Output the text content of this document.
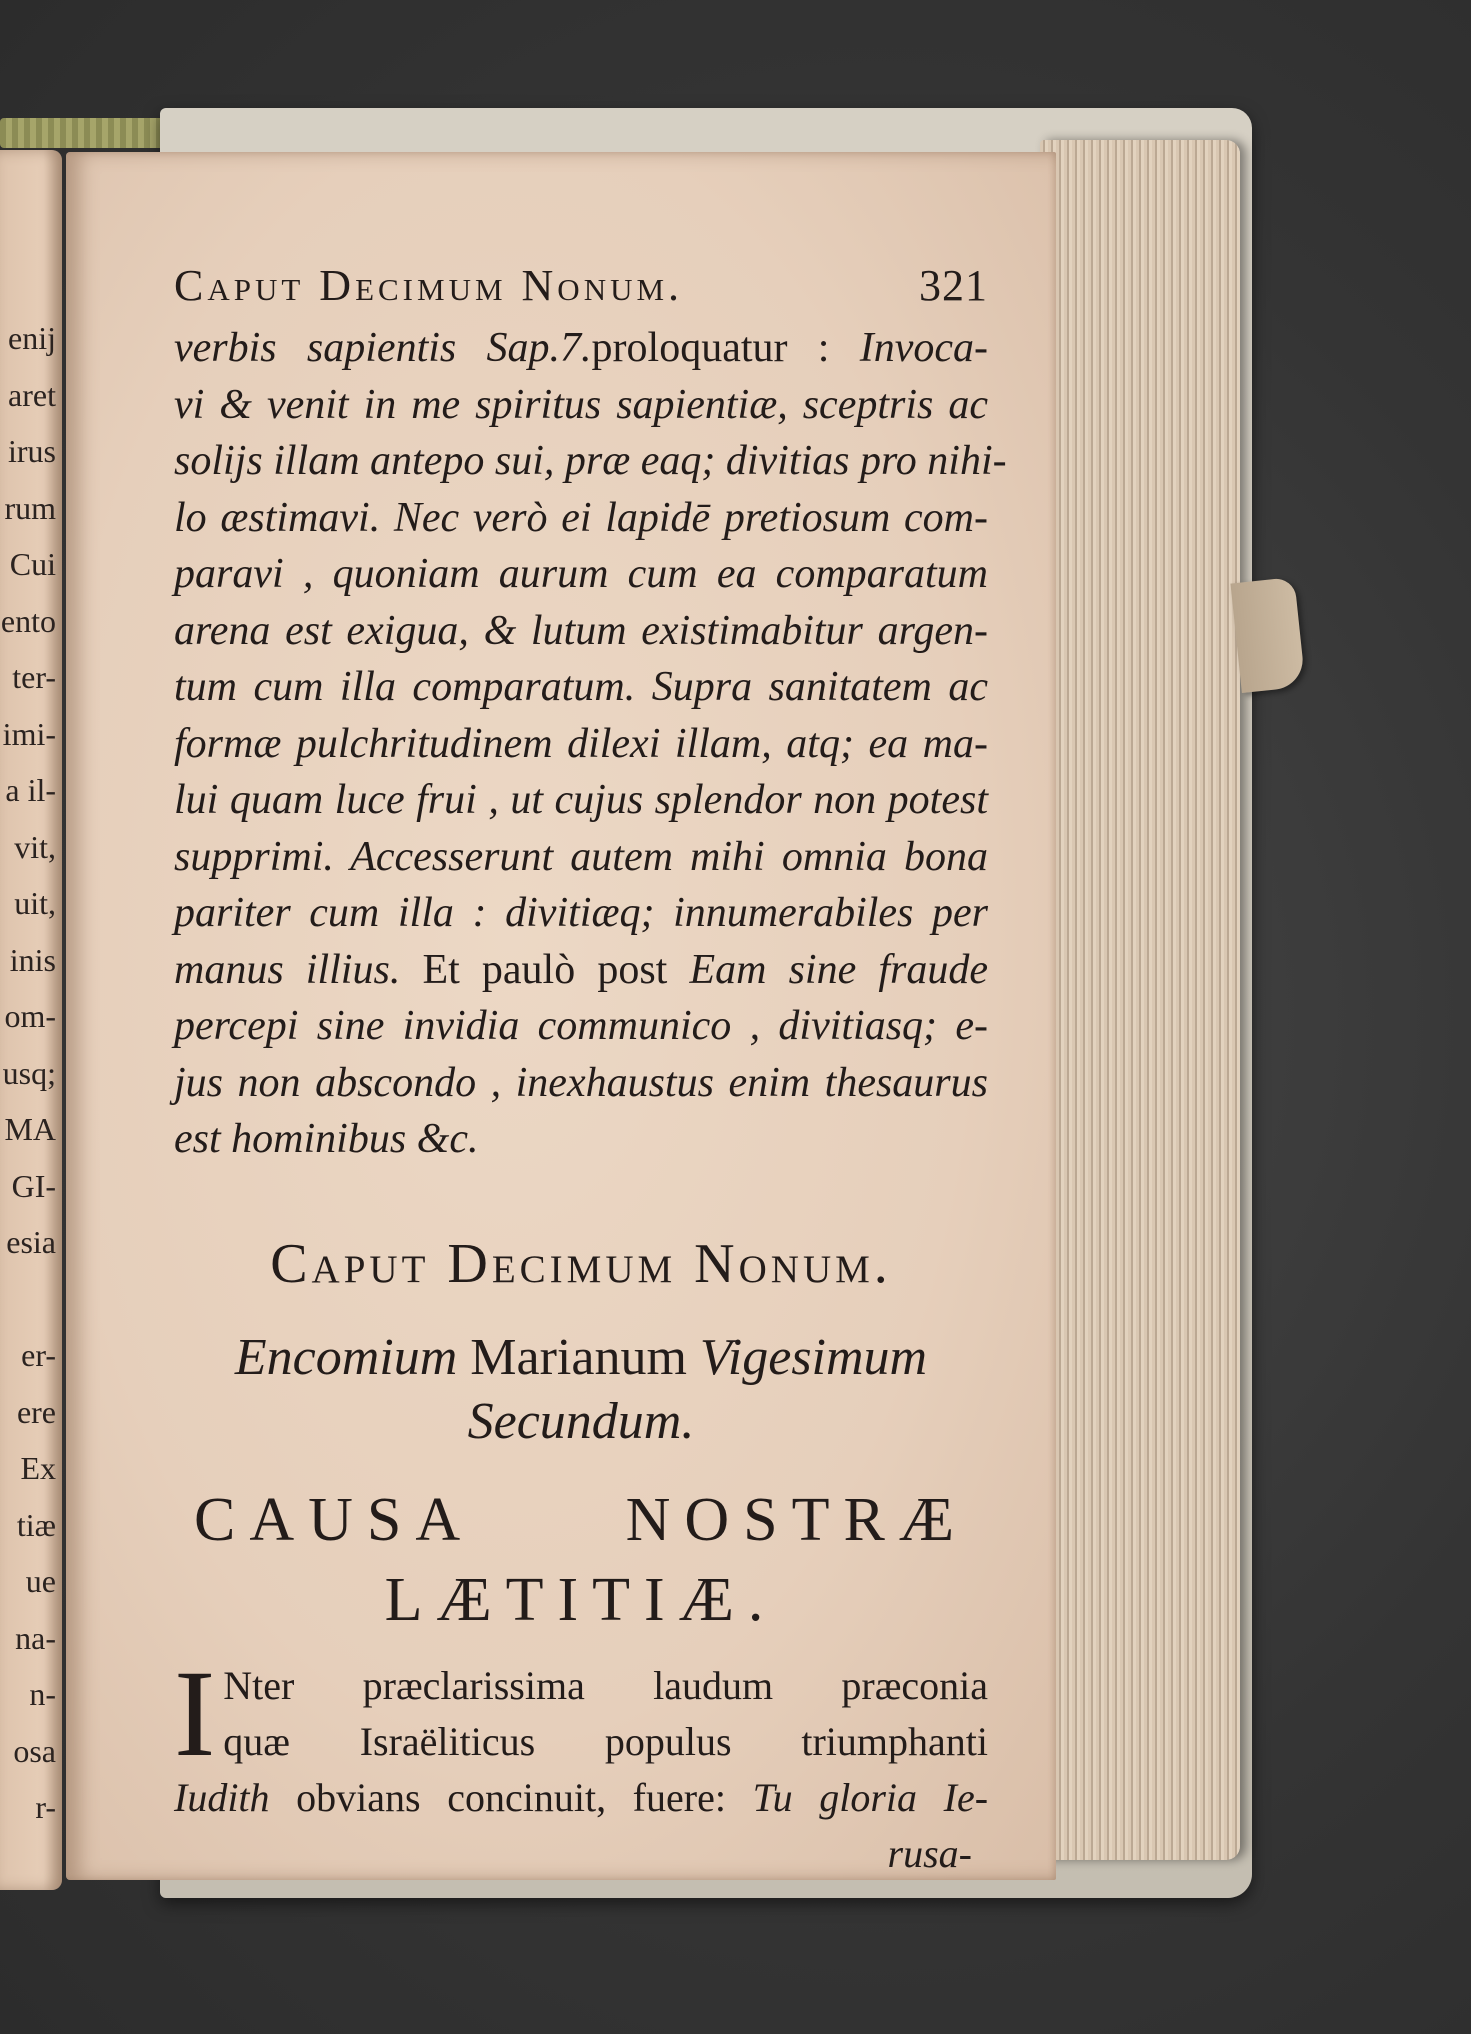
enij
aret
irus
rum
Cui
ento
ter-
imi-
a il-
vit,
uit,
inis
om-
usq;
MA
GI-
esia

er-
ere
Ex
tiæ
ue
na-
n-
osa
r-
Caput Decimum Nonum.	321
verbis sapientis Sap.7.proloquatur : Invoca-
vi & venit in me spiritus sapientiæ, sceptris ac
solijs illam antepo sui, præ eaq; divitias pro nihi-
lo æstimavi. Nec verò ei lapidē pretiosum com-
paravi , quoniam aurum cum ea comparatum
arena est exigua, & lutum existimabitur argen-
tum cum illa comparatum. Supra sanitatem ac
formæ pulchritudinem dilexi illam, atq; ea ma-
lui quam luce frui , ut cujus splendor non potest
supprimi. Accesserunt autem mihi omnia bona
pariter cum illa : divitiæq; innumerabiles per
manus illius. Et paulò post Eam sine fraude
percepi sine invidia communico , divitiasq; e-
jus non abscondo , inexhaustus enim thesaurus
est hominibus &c.
Caput Decimum Nonum.
Encomium Marianum Vigesimum
Secundum.
CAUSA NOSTRÆ
LÆTITIÆ.
I Nter præclarissima laudum præconia
quæ Israëliticus populus triumphanti
Iudith obvians concinuit, fuere: Tu gloria Ie-
rusa-
